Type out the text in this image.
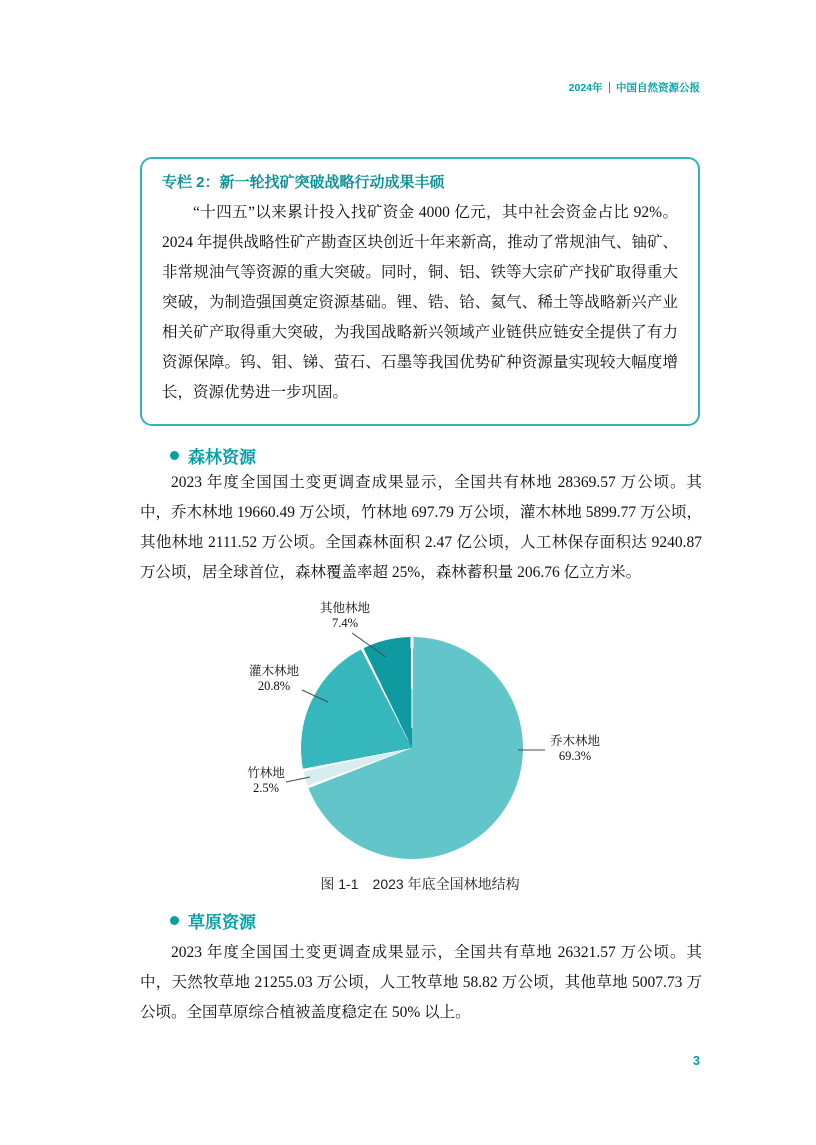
2024年 中国自然资源公报
专栏 2：新一轮找矿突破战略行动成果丰硕
“十四五”以来累计投入找矿资金 4000 亿元，其中社会资金占比 92%。2024 年提供战略性矿产勘查区块创近十年来新高，推动了常规油气、铀矿、非常规油气等资源的重大突破。同时，铜、铝、铁等大宗矿产找矿取得重大突破，为制造强国奠定资源基础。锂、锆、铪、氦气、稀土等战略新兴产业相关矿产取得重大突破，为我国战略新兴领域产业链供应链安全提供了有力资源保障。钨、钼、锑、萤石、石墨等我国优势矿种资源量实现较大幅度增长，资源优势进一步巩固。
森林资源
2023 年度全国国土变更调查成果显示，全国共有林地 28369.57 万公顷。其中，乔木林地 19660.49 万公顷，竹林地 697.79 万公顷，灌木林地 5899.77 万公顷，其他林地 2111.52 万公顷。全国森林面积 2.47 亿公顷，人工林保存面积达 9240.87 万公顷，居全球首位，森林覆盖率超 25%，森林蓄积量 206.76 亿立方米。
其他林地
7.4%
灌木林地
20.8%
竹林地
2.5%
乔木林地
69.3%
图 1-1　2023 年底全国林地结构
草原资源
2023 年度全国国土变更调查成果显示，全国共有草地 26321.57 万公顷。其中，天然牧草地 21255.03 万公顷，人工牧草地 58.82 万公顷，其他草地 5007.73 万公顷。全国草原综合植被盖度稳定在 50% 以上。
3
